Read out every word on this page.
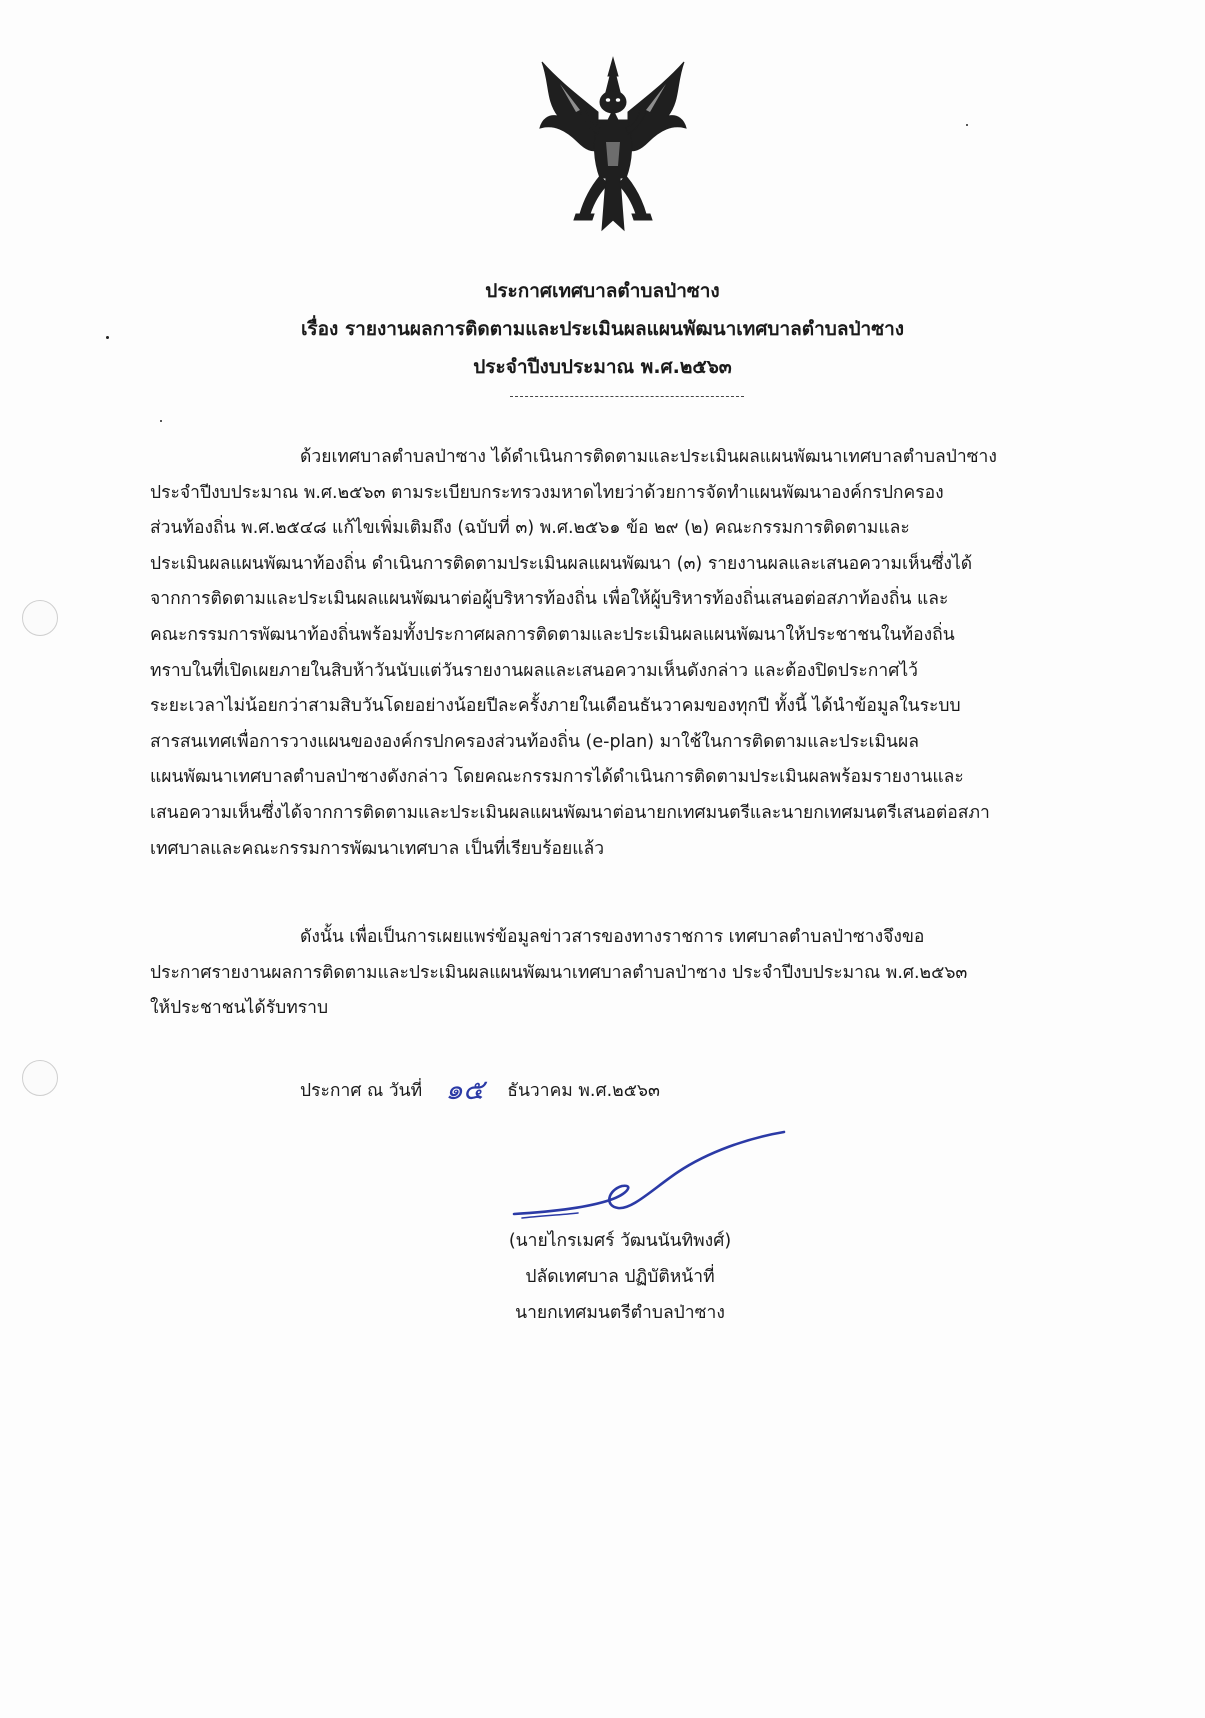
ประกาศเทศบาลตำบลป่าซาง
เรื่อง รายงานผลการติดตามและประเมินผลแผนพัฒนาเทศบาลตำบลป่าซาง
ประจำปีงบประมาณ พ.ศ.๒๕๖๓

ด้วยเทศบาลตำบลป่าซาง ได้ดำเนินการติดตามและประเมินผลแผนพัฒนาเทศบาลตำบลป่าซาง
ประจำปีงบประมาณ พ.ศ.๒๕๖๓ ตามระเบียบกระทรวงมหาดไทยว่าด้วยการจัดทำแผนพัฒนาองค์กรปกครอง
ส่วนท้องถิ่น พ.ศ.๒๕๔๘ แก้ไขเพิ่มเติมถึง (ฉบับที่ ๓) พ.ศ.๒๕๖๑ ข้อ ๒๙ (๒) คณะกรรมการติดตามและ
ประเมินผลแผนพัฒนาท้องถิ่น ดำเนินการติดตามประเมินผลแผนพัฒนา (๓) รายงานผลและเสนอความเห็นซึ่งได้
จากการติดตามและประเมินผลแผนพัฒนาต่อผู้บริหารท้องถิ่น เพื่อให้ผู้บริหารท้องถิ่นเสนอต่อสภาท้องถิ่น และ
คณะกรรมการพัฒนาท้องถิ่นพร้อมทั้งประกาศผลการติดตามและประเมินผลแผนพัฒนาให้ประชาชนในท้องถิ่น
ทราบในที่เปิดเผยภายในสิบห้าวันนับแต่วันรายงานผลและเสนอความเห็นดังกล่าว และต้องปิดประกาศไว้
ระยะเวลาไม่น้อยกว่าสามสิบวันโดยอย่างน้อยปีละครั้งภายในเดือนธันวาคมของทุกปี ทั้งนี้ ได้นำข้อมูลในระบบ
สารสนเทศเพื่อการวางแผนขององค์กรปกครองส่วนท้องถิ่น (e-plan) มาใช้ในการติดตามและประเมินผล
แผนพัฒนาเทศบาลตำบลป่าซางดังกล่าว โดยคณะกรรมการได้ดำเนินการติดตามประเมินผลพร้อมรายงานและ
เสนอความเห็นซึ่งได้จากการติดตามและประเมินผลแผนพัฒนาต่อนายกเทศมนตรีและนายกเทศมนตรีเสนอต่อสภา
เทศบาลและคณะกรรมการพัฒนาเทศบาล เป็นที่เรียบร้อยแล้ว

ดังนั้น เพื่อเป็นการเผยแพร่ข้อมูลข่าวสารของทางราชการ เทศบาลตำบลป่าซางจึงขอ
ประกาศรายงานผลการติดตามและประเมินผลแผนพัฒนาเทศบาลตำบลป่าซาง ประจำปีงบประมาณ พ.ศ.๒๕๖๓
ให้ประชาชนได้รับทราบ

ประกาศ ณ วันที่ ๑๕ ธันวาคม พ.ศ.๒๕๖๓
(นายไกรเมศร์ วัฒนนันทิพงศ์)
ปลัดเทศบาล ปฏิบัติหน้าที่
นายกเทศมนตรีตำบลป่าซาง
